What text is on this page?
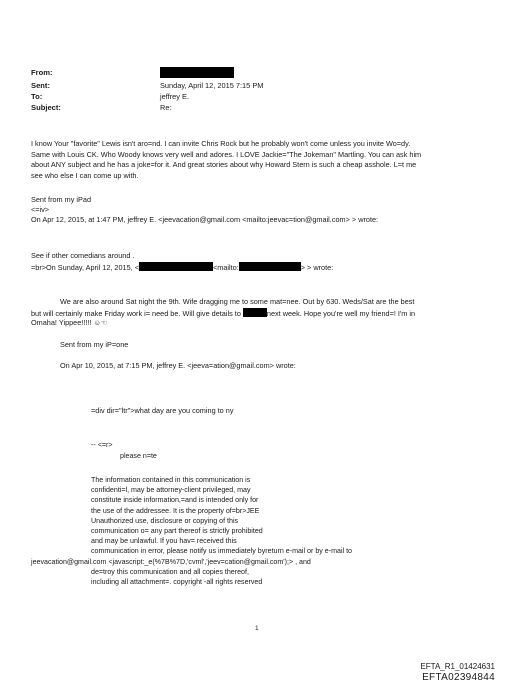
From:
Sent:	Sunday, April 12, 2015 7:15 PM
To:	jeffrey E.
Subject:	Re:
I know Your "favorite" Lewis isn't aro=nd. I can invite Chris Rock but he probably won't come unless you invite Wo=dy.
Same with Louis CK. Who Woody knows very well and adores. I LOVE Jackie="The Jokeman" Martling. You can ask him
about ANY subject and he has a joke=for it. And great stories about why Howard Stern is such a cheap asshole. L=t me
see who else I can come up with.
Sent from my iPad
<=iv>
On Apr 12, 2015, at 1:47 PM, jeffrey E. <jeevacation@gmail.com <mailto:jeevac=tion@gmail.com> > wrote:
See if other comedians around .
=br>On Sunday, April 12, 2015, <	<mailto:	> > wrote:
We are also around Sat night the 9th. Wife dragging me to some mat=nee. Out by 630. Weds/Sat are the best
but will certainly make Friday work i= need be. Will give details to	next week. Hope you're well my friend=! I'm in
Omaha! Yippee!!!!! ☺☜
Sent from my iP=one
On Apr 10, 2015, at 7:15 PM, jeffrey E. <jeeva=ation@gmail.com> wrote:
=div dir="ltr">what day are you coming to ny
-- <=r>
please n=te
The information contained in this communication is
confidenti=l, may be attorney-client privileged, may
constitute inside information,=and is intended only for
the use of the addressee. It is the property of=br>JEE
Unauthorized use, disclosure or copying of this
communication o= any part thereof is strictly prohibited
and may be unlawful. If you hav= received this
communication in error, please notify us immediately byreturn e-mail or by e-mail to
jeevacation@gmail.com <javascript:_e(%7B%7D,'cvml','jeev=cation@gmail.com');> , and
de=troy this communication and all copies thereof,
including all attachment=. copyright -all rights reserved
1
EFTA_R1_01424631
EFTA02394844
